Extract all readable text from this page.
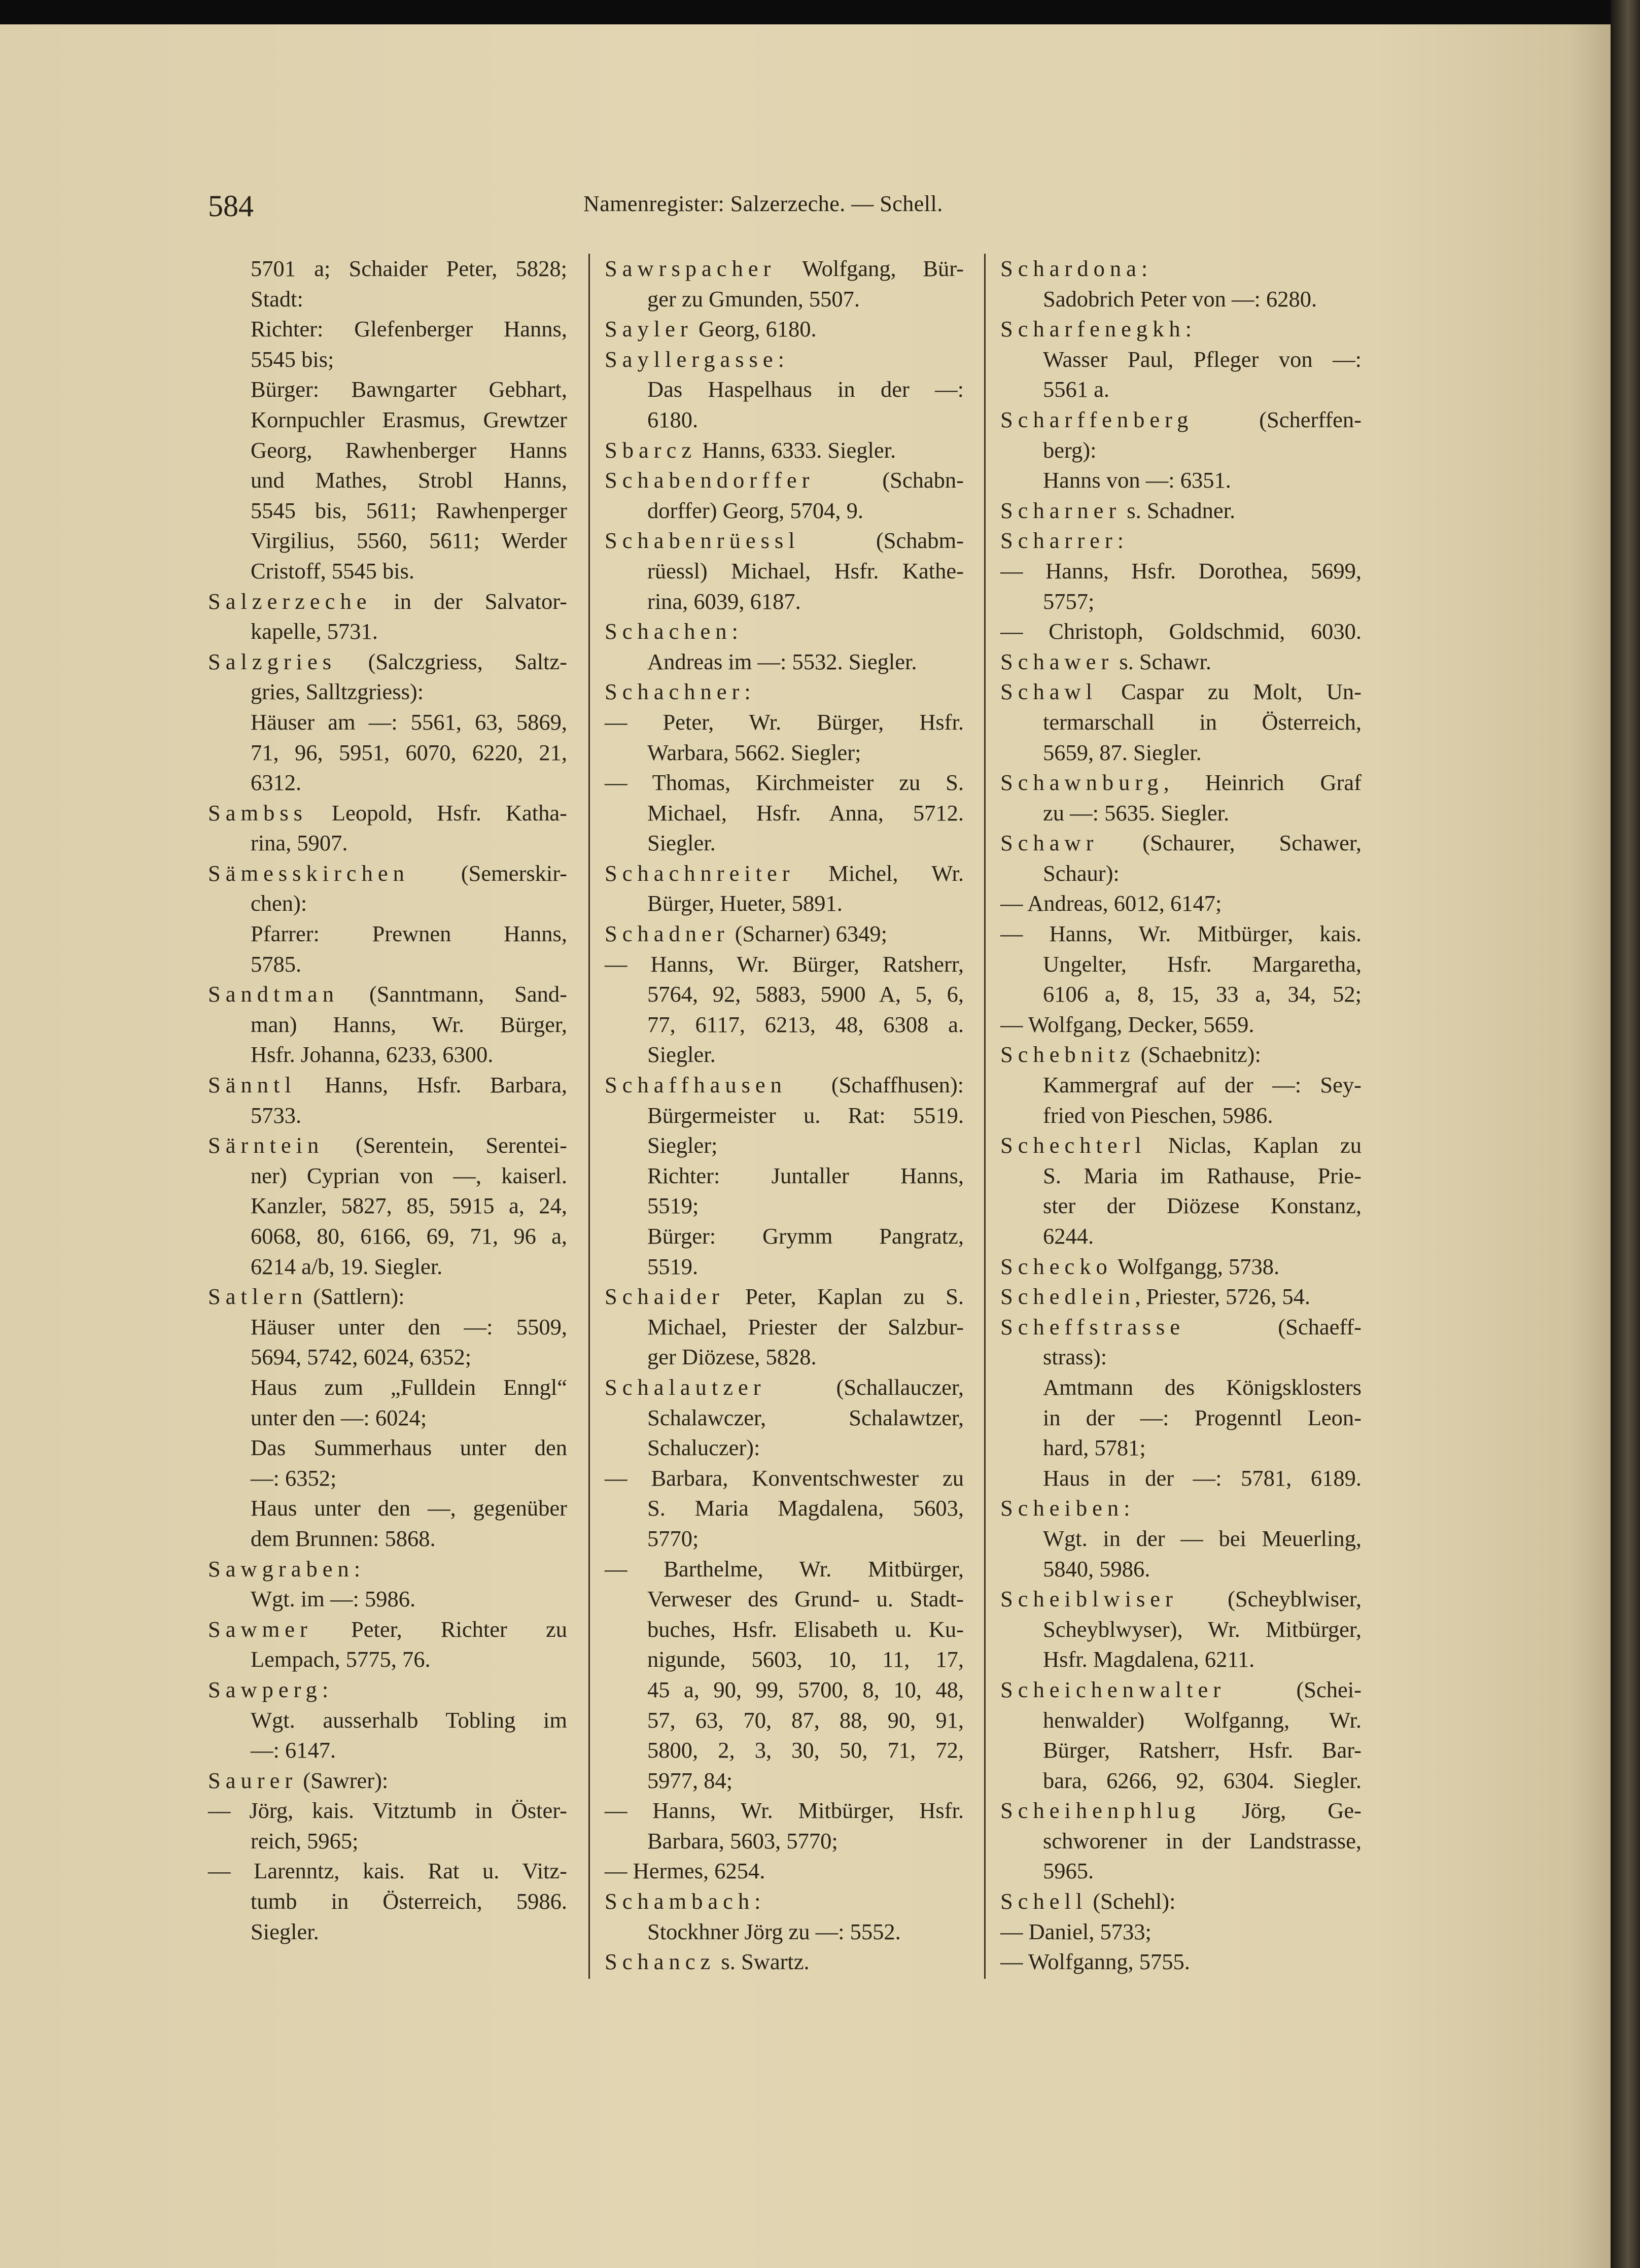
584	Namenregister: Salzerzeche. — Schell.
5701 a; Schaider Peter, 5828;
Stadt:
Richter: Glefenberger Hanns,
5545 bis;
Bürger: Bawngarter Gebhart,
Kornpuchler Erasmus, Grewtzer
Georg, Rawhenberger Hanns
und Mathes, Strobl Hanns,
5545 bis, 5611; Rawhenperger
Virgilius, 5560, 5611; Werder
Cristoff, 5545 bis.
Salzerzeche in der Salvator-
kapelle, 5731.
Salzgries (Salczgriess, Saltz-
gries, Salltzgriess):
Häuser am —: 5561, 63, 5869,
71, 96, 5951, 6070, 6220, 21,
6312.
Sambss Leopold, Hsfr. Katha-
rina, 5907.
Sämesskirchen (Semerskir-
chen):
Pfarrer: Prewnen Hanns,
5785.
Sandtman (Sanntmann, Sand-
man) Hanns, Wr. Bürger,
Hsfr. Johanna, 6233, 6300.
Sänntl Hanns, Hsfr. Barbara,
5733.
Särntein (Serentein, Serentei-
ner) Cyprian von —, kaiserl.
Kanzler, 5827, 85, 5915 a, 24,
6068, 80, 6166, 69, 71, 96 a,
6214 a/b, 19. Siegler.
Satlern (Sattlern):
Häuser unter den —: 5509,
5694, 5742, 6024, 6352;
Haus zum „Fulldein Enngl“
unter den —: 6024;
Das Summerhaus unter den
—: 6352;
Haus unter den —, gegenüber
dem Brunnen: 5868.
Sawgraben:
Wgt. im —: 5986.
Sawmer Peter, Richter zu
Lempach, 5775, 76.
Sawperg:
Wgt. ausserhalb Tobling im
—: 6147.
Saurer (Sawrer):
— Jörg, kais. Vitztumb in Öster-
reich, 5965;
— Larenntz, kais. Rat u. Vitz-
tumb in Österreich, 5986.
Siegler.
Sawrspacher Wolfgang, Bür-
ger zu Gmunden, 5507.
Sayler Georg, 6180.
Sayllergasse:
Das Haspelhaus in der —:
6180.
Sbarcz Hanns, 6333. Siegler.
Schabendorffer (Schabn-
dorffer) Georg, 5704, 9.
Schabenrüessl (Schabm-
rüessl) Michael, Hsfr. Kathe-
rina, 6039, 6187.
Schachen:
Andreas im —: 5532. Siegler.
Schachner:
— Peter, Wr. Bürger, Hsfr.
Warbara, 5662. Siegler;
— Thomas, Kirchmeister zu S.
Michael, Hsfr. Anna, 5712.
Siegler.
Schachnreiter Michel, Wr.
Bürger, Hueter, 5891.
Schadner (Scharner) 6349;
— Hanns, Wr. Bürger, Ratsherr,
5764, 92, 5883, 5900 A, 5, 6,
77, 6117, 6213, 48, 6308 a.
Siegler.
Schaffhausen (Schaffhusen):
Bürgermeister u. Rat: 5519.
Siegler;
Richter: Juntaller Hanns,
5519;
Bürger: Grymm Pangratz,
5519.
Schaider Peter, Kaplan zu S.
Michael, Priester der Salzbur-
ger Diözese, 5828.
Schalautzer (Schallauczer,
Schalawczer, Schalawtzer,
Schaluczer):
— Barbara, Konventschwester zu
S. Maria Magdalena, 5603,
5770;
— Barthelme, Wr. Mitbürger,
Verweser des Grund- u. Stadt-
buches, Hsfr. Elisabeth u. Ku-
nigunde, 5603, 10, 11, 17,
45 a, 90, 99, 5700, 8, 10, 48,
57, 63, 70, 87, 88, 90, 91,
5800, 2, 3, 30, 50, 71, 72,
5977, 84;
— Hanns, Wr. Mitbürger, Hsfr.
Barbara, 5603, 5770;
— Hermes, 6254.
Schambach:
Stockhner Jörg zu —: 5552.
Schancz s. Swartz.
Schardona:
Sadobrich Peter von —: 6280.
Scharfenegkh:
Wasser Paul, Pfleger von —:
5561 a.
Scharffenberg (Scherffen-
berg):
Hanns von —: 6351.
Scharner s. Schadner.
Scharrer:
— Hanns, Hsfr. Dorothea, 5699,
5757;
— Christoph, Goldschmid, 6030.
Schawer s. Schawr.
Schawl Caspar zu Molt, Un-
termarschall in Österreich,
5659, 87. Siegler.
Schawnburg, Heinrich Graf
zu —: 5635. Siegler.
Schawr (Schaurer, Schawer,
Schaur):
— Andreas, 6012, 6147;
— Hanns, Wr. Mitbürger, kais.
Ungelter, Hsfr. Margaretha,
6106 a, 8, 15, 33 a, 34, 52;
— Wolfgang, Decker, 5659.
Schebnitz (Schaebnitz):
Kammergraf auf der —: Sey-
fried von Pieschen, 5986.
Schechterl Niclas, Kaplan zu
S. Maria im Rathause, Prie-
ster der Diözese Konstanz,
6244.
Schecko Wolfgangg, 5738.
Schedlein, Priester, 5726, 54.
Scheffstrasse (Schaeff-
strass):
Amtmann des Königsklosters
in der —: Progenntl Leon-
hard, 5781;
Haus in der —: 5781, 6189.
Scheiben:
Wgt. in der — bei Meuerling,
5840, 5986.
Scheiblwiser (Scheyblwiser,
Scheyblwyser), Wr. Mitbürger,
Hsfr. Magdalena, 6211.
Scheichenwalter (Schei-
henwalder) Wolfganng, Wr.
Bürger, Ratsherr, Hsfr. Bar-
bara, 6266, 92, 6304. Siegler.
Scheihenphlug Jörg, Ge-
schworener in der Landstrasse,
5965.
Schell (Schehl):
— Daniel, 5733;
— Wolfganng, 5755.
